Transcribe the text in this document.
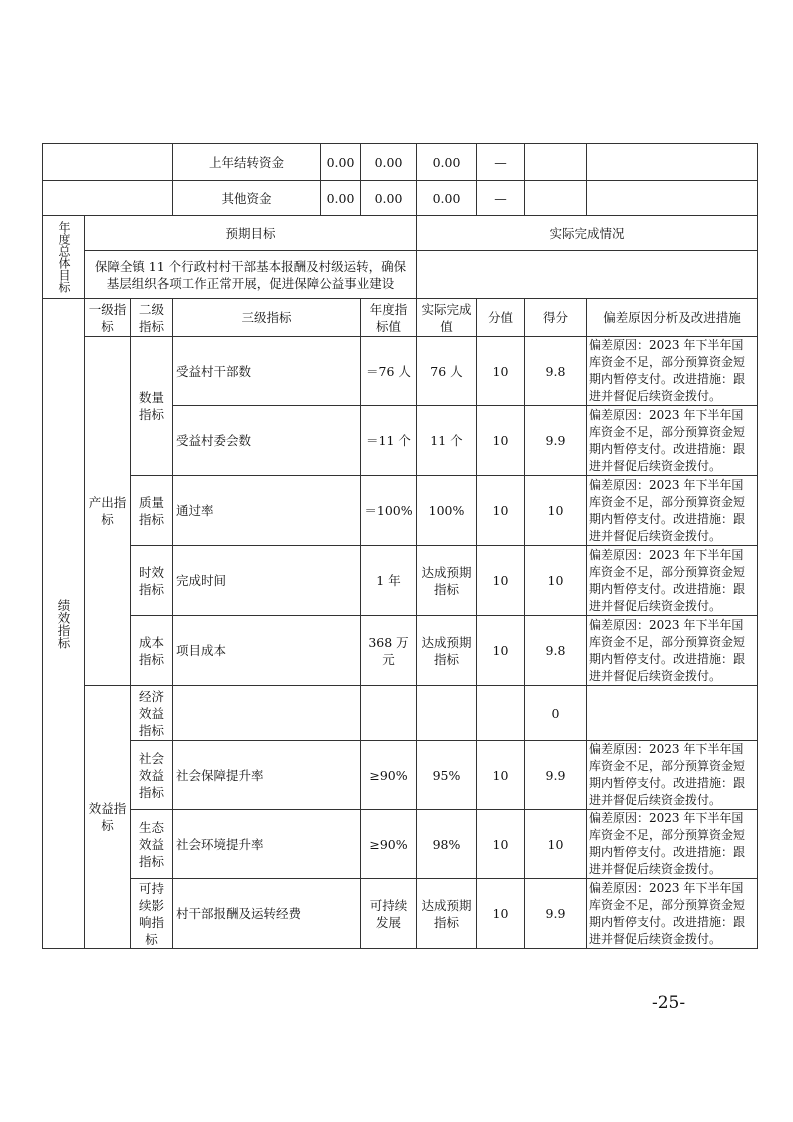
			上年结转资金	0.00	0.00	0.00	—		
			其他资金	0.00	0.00	0.00	—		
年度总体目标	预期目标					实际完成情况			
	保障全镇 11 个行政村村干部基本报酬及村级运转，确保基层组织各项工作正常开展，促进保障公益事业建设								
绩效指标	一级指标	二级指标	三级指标		年度指标值	实际完成值	分值	得分	偏差原因分析及改进措施
	产出指标	数量指标	受益村干部数		＝76 人	76 人	10	9.8	偏差原因：2023 年下半年国库资金不足，部分预算资金短期内暂停支付。改进措施：跟进并督促后续资金拨付。
			受益村委会数		＝11 个	11 个	10	9.9	偏差原因：2023 年下半年国库资金不足，部分预算资金短期内暂停支付。改进措施：跟进并督促后续资金拨付。
		质量指标	通过率		＝100%	100%	10	10	偏差原因：2023 年下半年国库资金不足，部分预算资金短期内暂停支付。改进措施：跟进并督促后续资金拨付。
		时效指标	完成时间		1 年	达成预期指标	10	10	偏差原因：2023 年下半年国库资金不足，部分预算资金短期内暂停支付。改进措施：跟进并督促后续资金拨付。
		成本指标	项目成本		368 万元	达成预期指标	10	9.8	偏差原因：2023 年下半年国库资金不足，部分预算资金短期内暂停支付。改进措施：跟进并督促后续资金拨付。
	效益指标	经济效益指标						0	
		社会效益指标	社会保障提升率		≥90%	95%	10	9.9	偏差原因：2023 年下半年国库资金不足，部分预算资金短期内暂停支付。改进措施：跟进并督促后续资金拨付。
		生态效益指标	社会环境提升率		≥90%	98%	10	10	偏差原因：2023 年下半年国库资金不足，部分预算资金短期内暂停支付。改进措施：跟进并督促后续资金拨付。
		可持续影响指标	村干部报酬及运转经费		可持续发展	达成预期指标	10	9.9	偏差原因：2023 年下半年国库资金不足，部分预算资金短期内暂停支付。改进措施：跟进并督促后续资金拨付。
-25-
